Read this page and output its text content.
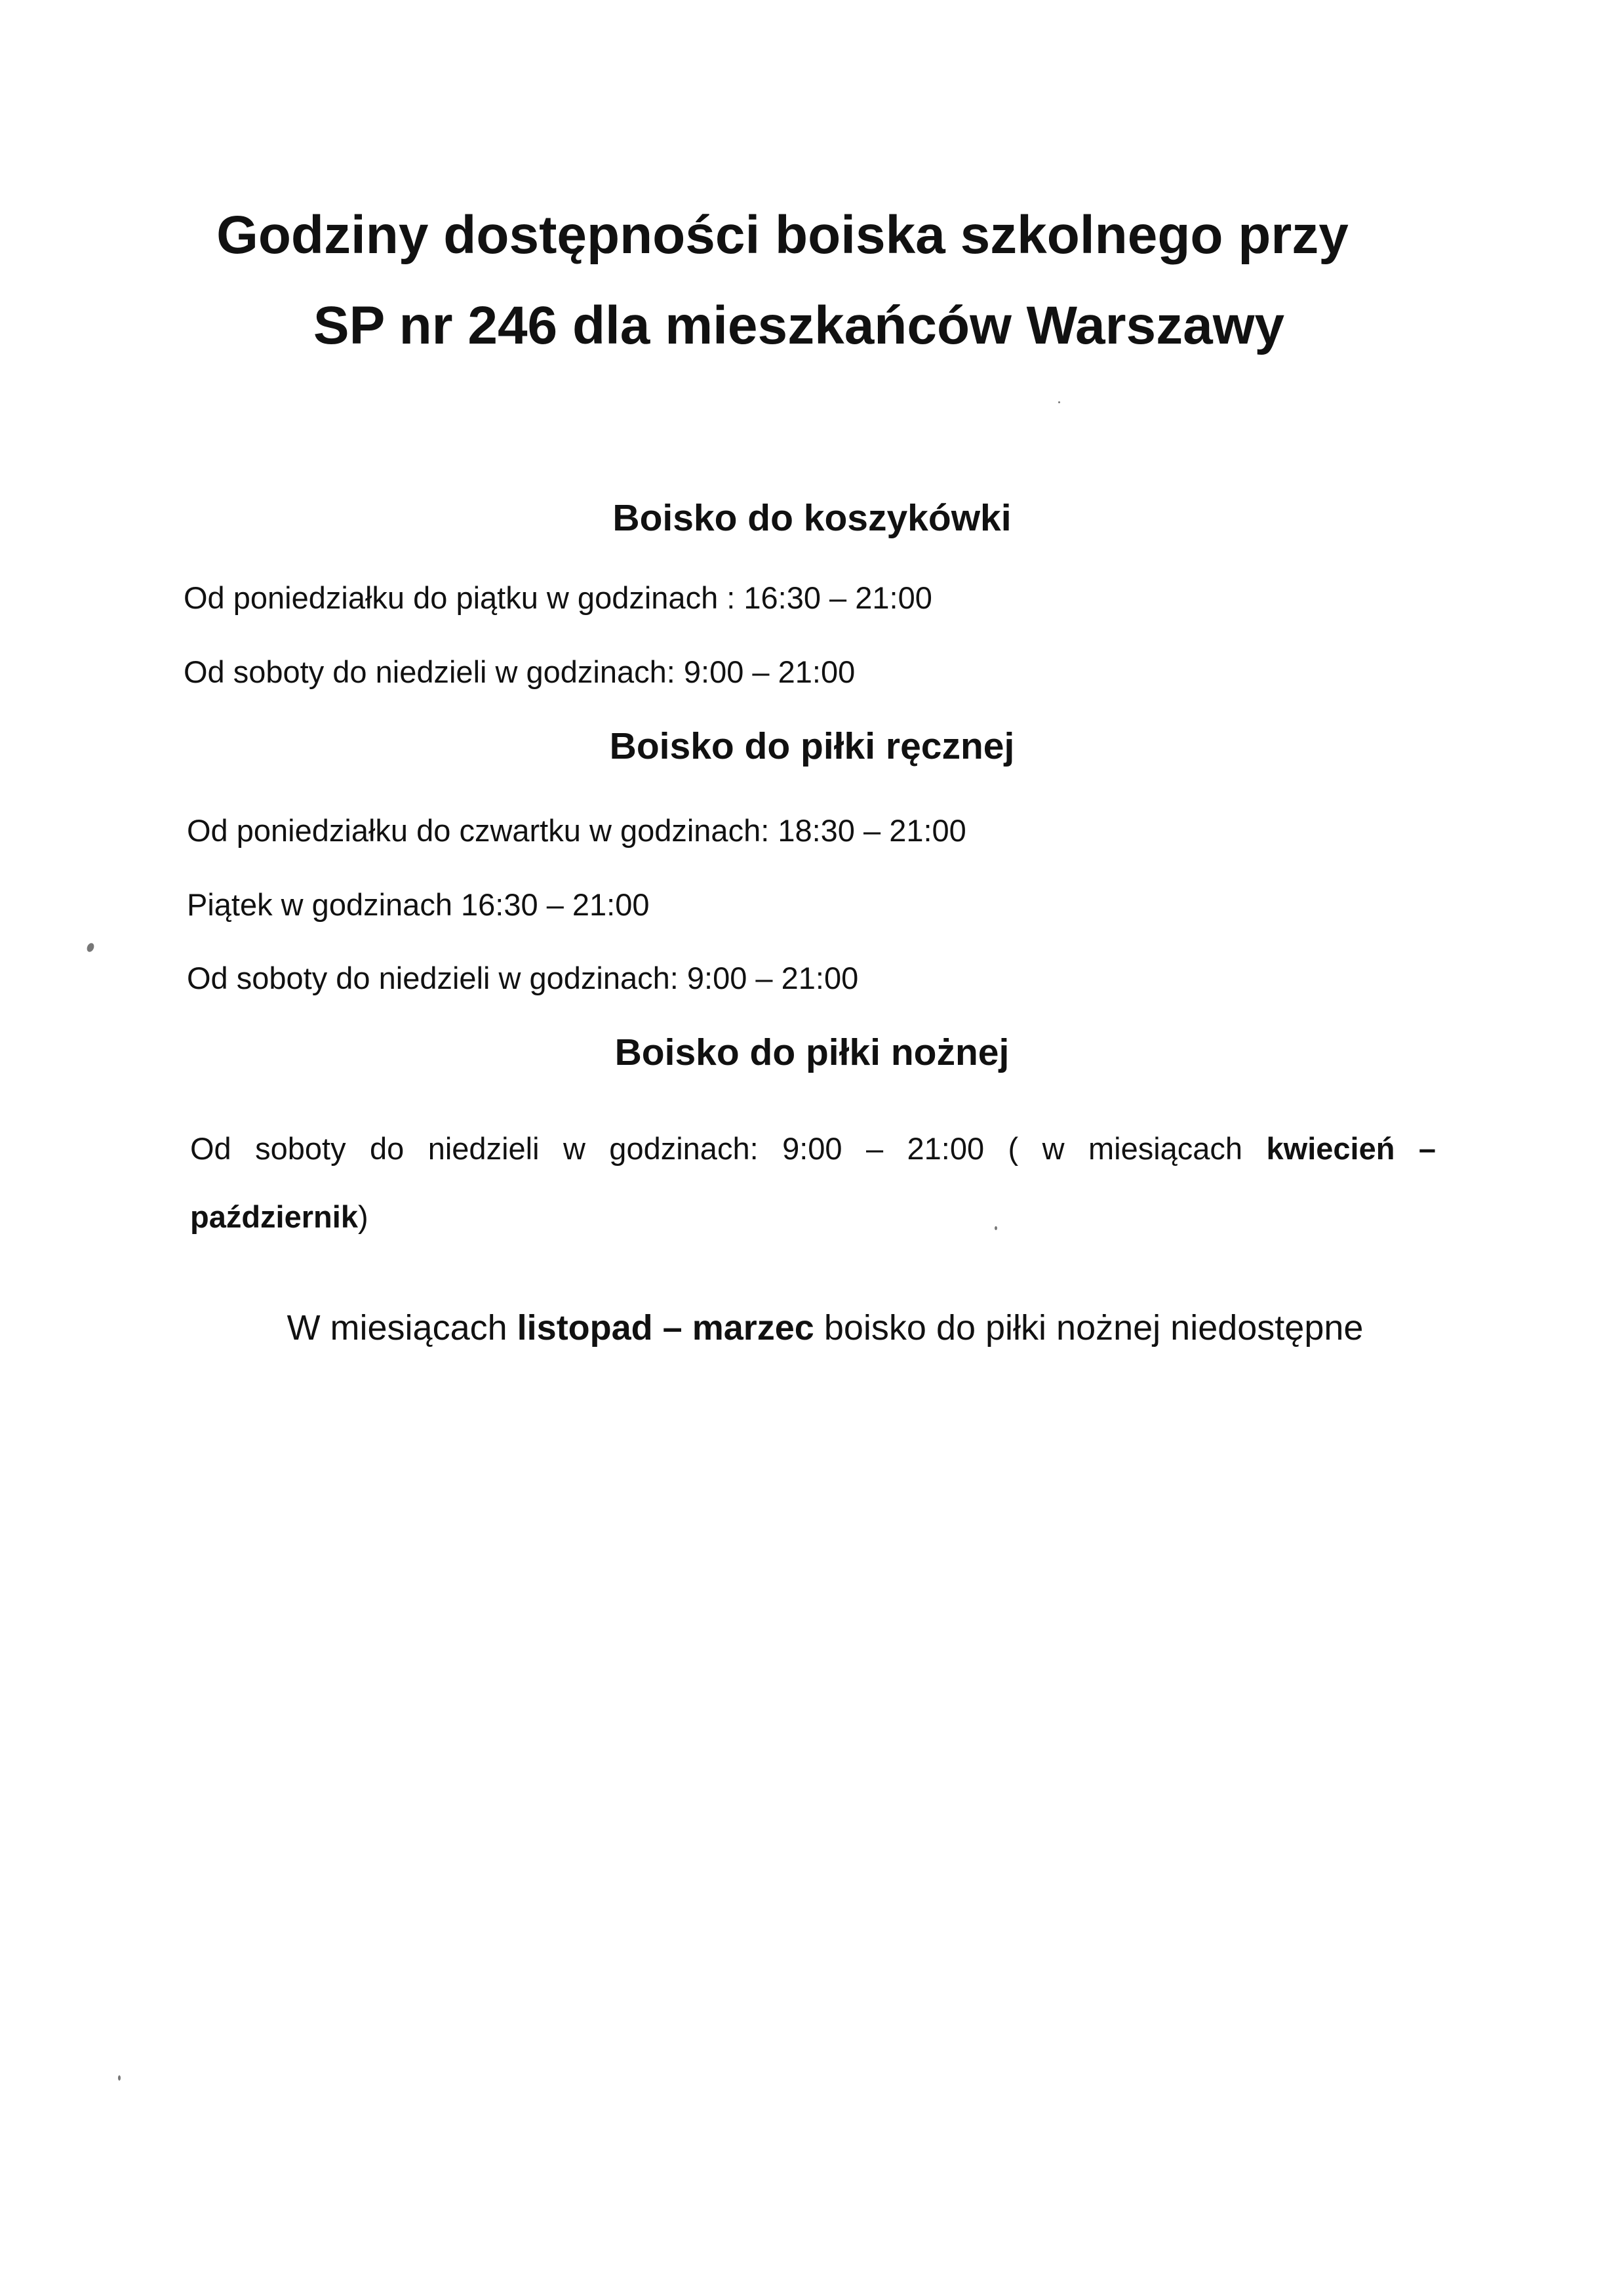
Godziny dostępności boiska szkolnego przy
SP nr 246 dla mieszkańców Warszawy
Boisko do koszykówki
Od poniedziałku do piątku w godzinach : 16:30 – 21:00
Od soboty do niedzieli w godzinach: 9:00 – 21:00
Boisko do piłki ręcznej
Od poniedziałku do czwartku w godzinach: 18:30 – 21:00
Piątek w godzinach 16:30 – 21:00
Od soboty do niedzieli w godzinach: 9:00 – 21:00
Boisko do piłki nożnej
Od soboty do niedzieli w godzinach: 9:00 – 21:00 ( w miesiącach kwiecień – październik)
W miesiącach listopad – marzec boisko do piłki nożnej niedostępne
